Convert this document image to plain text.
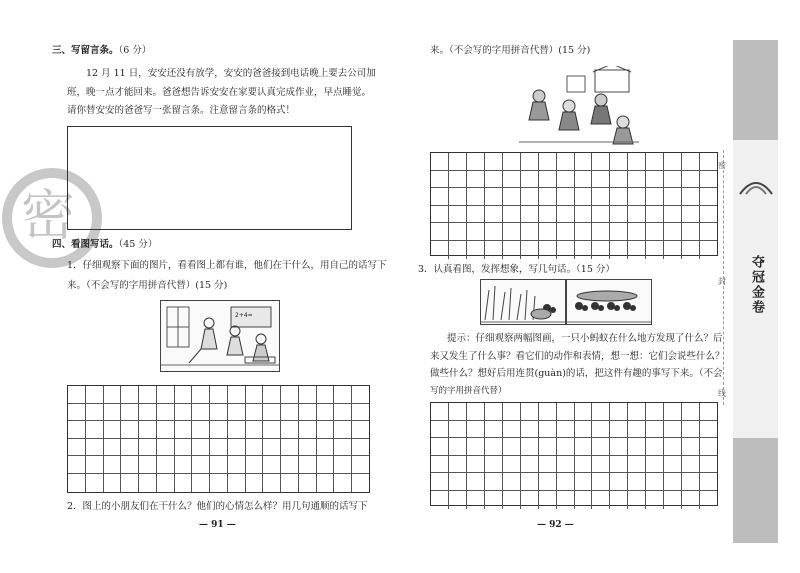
密
三、写留言条。（6 分）
12 月 11 日，安安还没有放学，安安的爸爸接到电话晚上要去公司加
班，晚一点才能回来。爸爸想告诉安安在家要认真完成作业，早点睡觉。
请你替安安的爸爸写一张留言条。注意留言条的格式！
四、看图写话。（45 分）
1．仔细观察下面的图片，看看图上都有谁，他们在干什么，用自己的话写下
来。（不会写的字用拼音代替）(15 分)
2+4=
2．图上的小朋友们在干什么？他们的心情怎么样？用几句通顺的话写下
— 91 —
来。（不会写的字用拼音代替）(15 分)
3．认真看图，发挥想象，写几句话。（15 分）
提示：仔细观察两幅图画，一只小蚂蚁在什么地方发现了什么？后
来又发生了什么事？看它们的动作和表情，想一想：它们会说些什么？
做些什么？想好后用连贯(guàn)的话，把这件有趣的事写下来。（不会
写的字用拼音代替）
— 92 —
密
封
线
夺冠金卷
